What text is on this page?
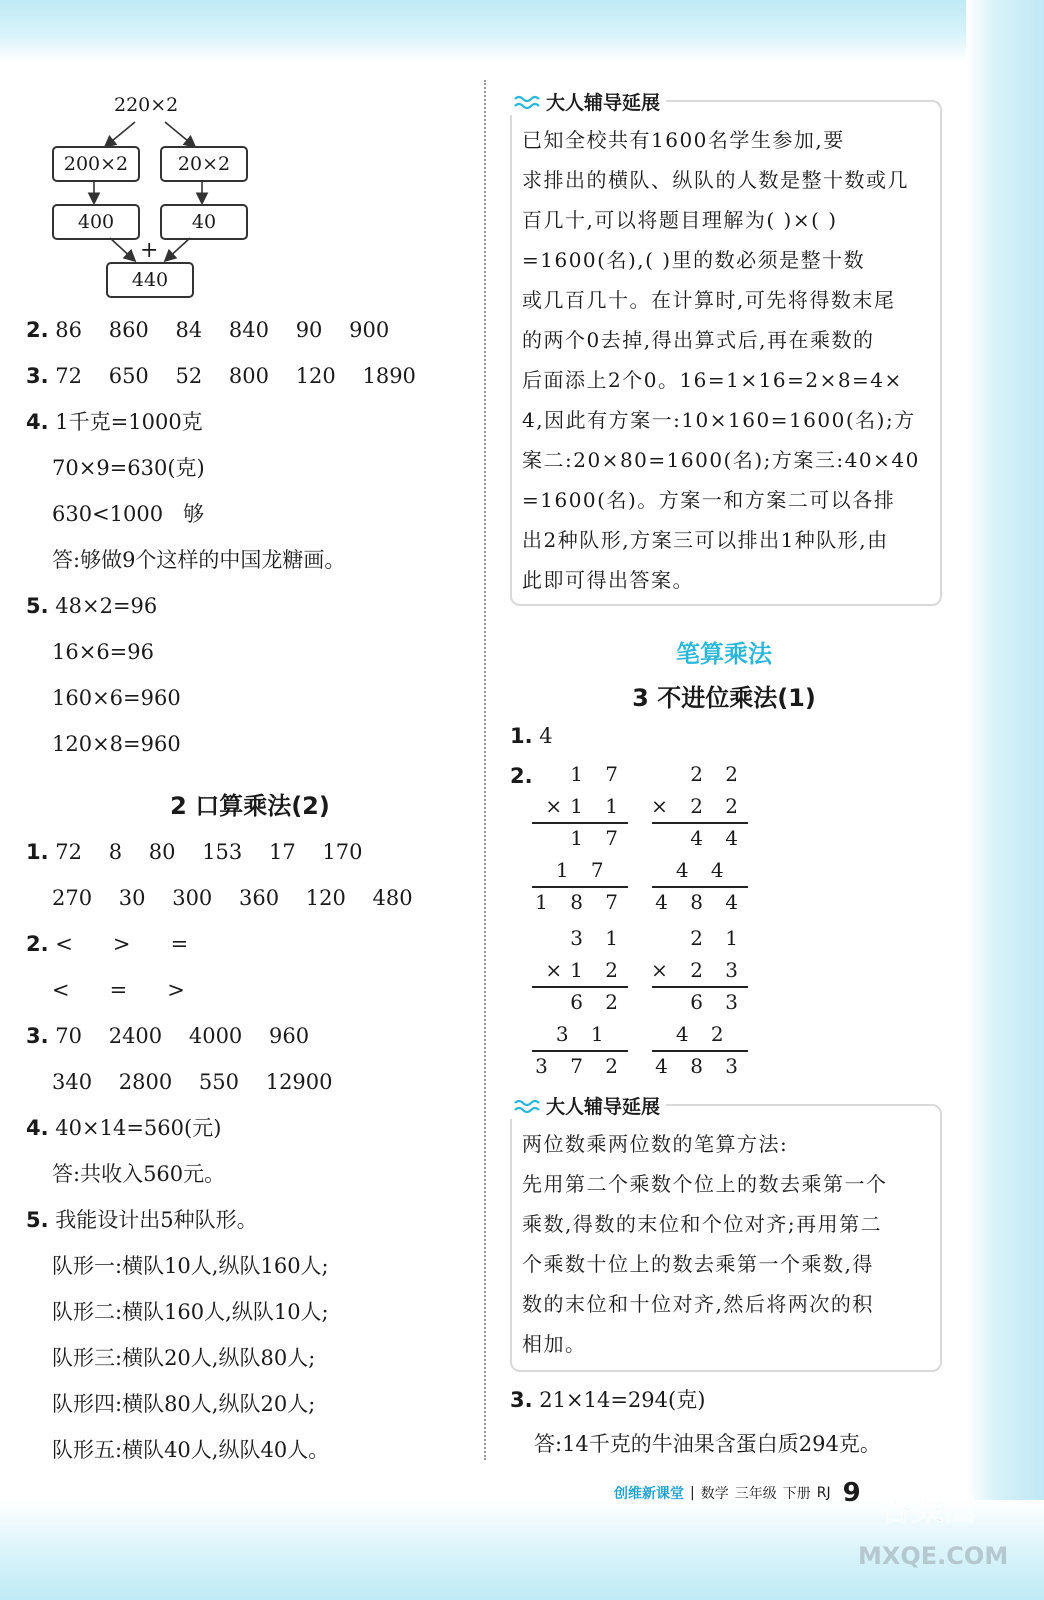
220×2
200×2	20×2
400	40
+
440
2. 86    860    84    840    90    900
3. 72    650    52    800    120    1890
4. 1千克=1000克
70×9=630(克)
630<1000   够
答:够做9个这样的中国龙糖画。
5. 48×2=96
16×6=96
160×6=960
120×8=960
2 口算乘法(2)
1. 72    8    80    153    17    170
270    30    300    360    120    480
2. <      >      =
<      =      >
3. 70    2400    4000    960
340    2800    550    12900
4. 40×14=560(元)
答:共收入560元。
5. 我能设计出5种队形。
队形一:横队10人,纵队160人;
队形二:横队160人,纵队10人;
队形三:横队20人,纵队80人;
队形四:横队80人,纵队20人;
队形五:横队40人,纵队40人。
大人辅导延展
已知全校共有1600名学生参加,要
求排出的横队、纵队的人数是整十数或几
百几十,可以将题目理解为( )×( )
=1600(名),( )里的数必须是整十数
或几百几十。在计算时,可先将得数末尾
的两个0去掉,得出算式后,再在乘数的
后面添上2个0。16=1×16=2×8=4×
4,因此有方案一:10×160=1600(名);方
案二:20×80=1600(名);方案三:40×40
=1600(名)。方案一和方案二可以各排
出2种队形,方案三可以排出1种队形,由
此即可得出答案。
笔算乘法
3 不进位乘法(1)
1. 4
2.	1 7
×1 1
1 7
1 7
1 8 7
2 2
× 2 2
4 4
4 4
4 8 4
3 1
×1 2
6 2
3 1
3 7 2
2 1
× 2 3
6 3
4 2
4 8 3
大人辅导延展
两位数乘两位数的笔算方法:
先用第二个乘数个位上的数去乘第一个
乘数,得数的末位和个位对齐;再用第二
个乘数十位上的数去乘第一个乘数,得
数的末位和十位对齐,然后将两次的积
相加。
3. 21×14=294(克)
答:14千克的牛油果含蛋白质294克。
创维新课堂 | 数学 三年级 下册 RJ 9 答案圈
MXQE.COM
